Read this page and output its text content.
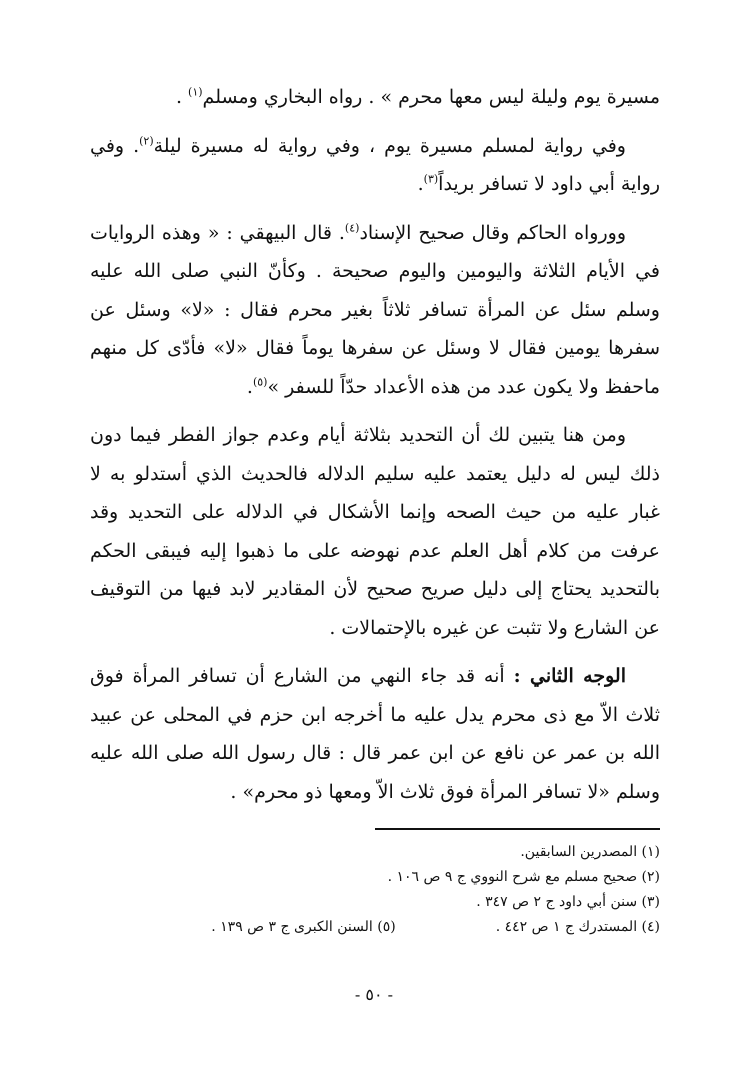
مسيرة يوم وليلة ليس معها محرم » . رواه البخاري ومسلم$^{(١)}$ .

وفي رواية لمسلم مسيرة يوم ، وفي رواية له مسيرة ليلة$^{(٢)}$. وفي رواية أبي داود لا تسافر بريداً$^{(٣)}$.

وورواه الحاكم وقال صحيح الإسناد$^{(٤)}$. قال البيهقي : « وهذه الروايات في الأيام الثلاثة واليومين واليوم صحيحة . وكأنّ النبي صلى الله عليه وسلم سئل عن المرأة تسافر ثلاثاً بغير محرم فقال : «لا» وسئل عن سفرها يومين فقال لا وسئل عن سفرها يوماً فقال «لا» فأدّى كل منهم ماحفظ ولا يكون عدد من هذه الأعداد حدّاً للسفر »$^{(٥)}$.

ومن هنا يتبين لك أن التحديد بثلاثة أيام وعدم جواز الفطر فيما دون ذلك ليس له دليل يعتمد عليه سليم الدلاله فالحديث الذي أستدلو به لا غبار عليه من حيث الصحه وإنما الأشكال في الدلاله على التحديد وقد عرفت من كلام أهل العلم عدم نهوضه على ما ذهبوا إليه فيبقى الحكم بالتحديد يحتاج إلى دليل صريح صحيح لأن المقادير لابد فيها من التوقيف عن الشارع ولا تثبت عن غيره بالإحتمالات .

الوجه الثاني : أنه قد جاء النهي من الشارع أن تسافر المرأة فوق ثلاث الاّ مع ذى محرم يدل عليه ما أخرجه ابن حزم في المحلى عن عبيد الله بن عمر عن نافع عن ابن عمر قال : قال رسول الله صلى الله عليه وسلم «لا تسافر المرأة فوق ثلاث الاّ ومعها ذو محرم» .

(١) المصدرين السابقين.
(٢) صحيح مسلم مع شرح النووي ج ٩ ص ١٠٦ .
(٣) سنن أبي داود ج ٢ ص ٣٤٧ .
(٤) المستدرك ج ١ ص ٤٤٢ .
(٥) السنن الكبرى ج ٣ ص ١٣٩ .
- ٥٠ -
